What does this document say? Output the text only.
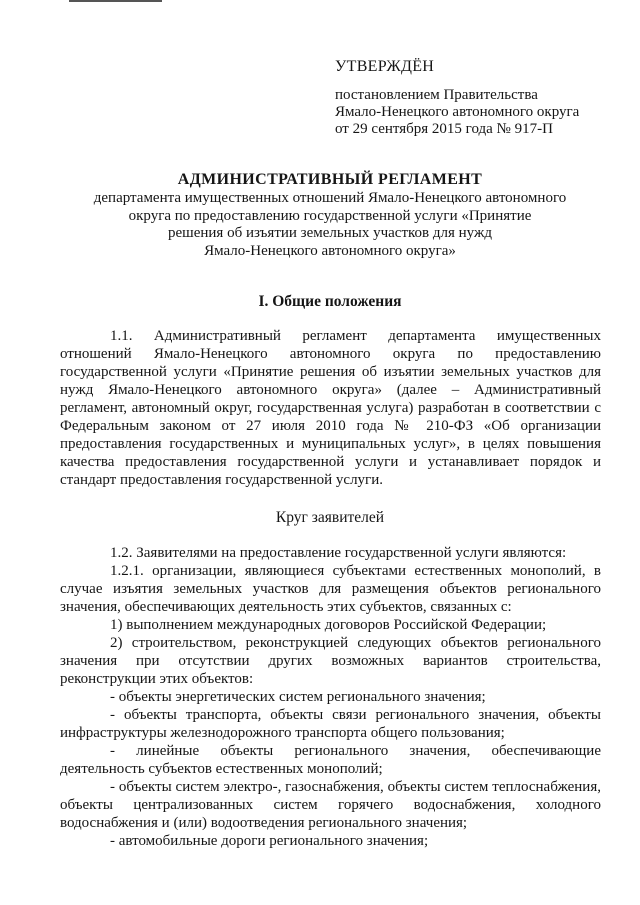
УТВЕРЖДЁН
постановлением Правительства
Ямало-Ненецкого автономного округа
от 29 сентября 2015 года № 917-П
АДМИНИСТРАТИВНЫЙ РЕГЛАМЕНТ
департамента имущественных отношений Ямало-Ненецкого автономного
округа по предоставлению государственной услуги «Принятие
решения об изъятии земельных участков для нужд
Ямало-Ненецкого автономного округа»
I. Общие положения

1.1. Административный регламент департамента имущественных отношений Ямало-Ненецкого автономного округа по предоставлению государственной услуги «Принятие решения об изъятии земельных участков для нужд Ямало-Ненецкого автономного округа» (далее – Административный регламент, автономный округ, государственная услуга) разработан в соответствии с Федеральным законом от 27 июля 2010 года № 210-ФЗ «Об организации предоставления государственных и муниципальных услуг», в целях повышения качества предоставления государственной услуги и устанавливает порядок и стандарт предоставления государственной услуги.

Круг заявителей

1.2. Заявителями на предоставление государственной услуги являются:

1.2.1. организации, являющиеся субъектами естественных монополий, в случае изъятия земельных участков для размещения объектов регионального значения, обеспечивающих деятельность этих субъектов, связанных с:

1) выполнением международных договоров Российской Федерации;

2) строительством, реконструкцией следующих объектов регионального значения при отсутствии других возможных вариантов строительства, реконструкции этих объектов:

- объекты энергетических систем регионального значения;

- объекты транспорта, объекты связи регионального значения, объекты инфраструктуры железнодорожного транспорта общего пользования;

- линейные объекты регионального значения, обеспечивающие деятельность субъектов естественных монополий;

- объекты систем электро-, газоснабжения, объекты систем теплоснабжения, объекты централизованных систем горячего водоснабжения, холодного водоснабжения и (или) водоотведения регионального значения;

- автомобильные дороги регионального значения;
